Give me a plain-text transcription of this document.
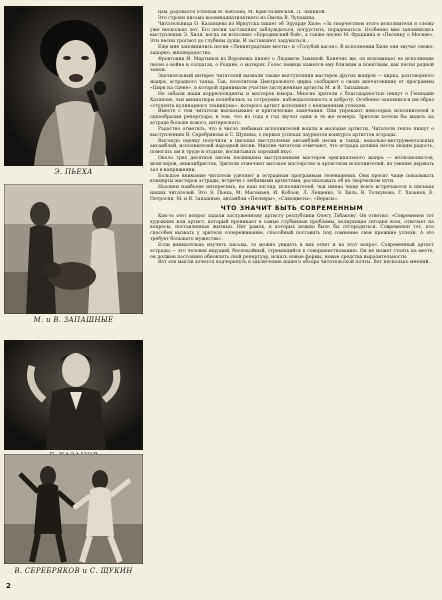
Э. ПЬЕХА
М. и В. ЗАПАШНЫЕ
В. СЕРЕБРЯКОВ и С. ЩУКИН

цам, радовался успехам И. Кобзона, М. Кристалинской, Л. Зыкиной.

Это строки письма восемнадцатилетнего из Омска В. Чупахина.

Читательница О. Казанцева из Иркутска пишет об Эдуарде Хиле: «За творчеством этого исполнителя я слежу уже несколько лет. Его песни заставляют заблуждаться, погрустить, порадоваться. Особенно мне запомнились выступления Э. Хиля, когда он исполнил «Бородинский бой», а также песню М. Фрадкина и «Песенку о Москве». Эти песни трогают до глубины души. И заставляют задуматься...

Еще мне запомнились песни «Ленинградские мосты» и «Голубой вагон». В исполнении Хиля они звучат свежо, задорно, жизнерадостно.

Фронтовик И. Мартынов из Воронежа пишет о Людмиле Зыкиной. Конечно же, он вспоминает ее исполнение песен о войне и солдатах, о Родине, о матерях. Голос певицы кажется ему близким и понятным, как песня родной земли.

Значительный интерес читателей вызвали также выступления мастеров других жанров — цирка, разговорного жанра, эстрадного танца. Так, посетители Центрального цирка сообщают о своих впечатлениях от программы «Цирк на сцене», в которой принимали участие заслуженные артисты М. и В. Запашные.

Не забыли наши корреспонденты и мастеров юмора. Многие зрители с благодарностью пишут о Геннадии Хазанове, чьи миниатюры полюбились за остроумие, наблюдательность и доброту. Особенно запомнился им образ «студента кулинарного техникума», которого артист исполняет с неизменным успехом.

Вместе с тем читатели высказывают и критические замечания. Они упрекают некоторых исполнителей в однообразии репертуара, в том, что из года в год звучат одни и те же номера. Зрители хотели бы видеть на эстраде больше нового, интересного.

Радостно отметить, что в число любимых исполнителей вошли и молодые артисты. Читатели тепло пишут о выступлениях В. Серебрякова и С. Щукина, о первых успехах лауреатов конкурса артистов эстрады.

Высокую оценку получили в письмах выступления ансамблей песни и танца, вокально-инструментальных ансамблей, исполнителей народной песни. Многие читатели отмечают, что эстрада должна нести людям радость, помогать им в труде и отдыхе, воспитывать хороший вкус.

Около трех десятков писем посвящены выступлениям мастеров оригинального жанра — иллюзионистов, жонглеров, эквилибристов. Зрители отмечают высокое мастерство и артистизм исполнителей, их умение держать зал в напряжении.

Большое внимание читатели уделяют и эстрадным программам телевидения. Они просят чаще показывать концерты мастеров эстрады, встречи с любимыми артистами, рассказывать об их творческом пути.

Назовем наиболее интересных, на наш взгляд, исполнителей, чьи имена чаще всего встречаются в письмах наших читателей. Это Э. Пьеха, М. Магомаев, И. Кобзон, Л. Лещенко, Э. Хиль, В. Толкунова, Г. Хазанов, Е. Петросян, М. и В. Запашные, ансамбли «Песняры», «Самоцветы», «Верасы».

ЧТО ЗНАЧИТ БЫТЬ СОВРЕМЕННЫМ

Как-то этот вопрос задали заслуженному артисту республики Олегу Табакову. Он ответил: «Современен тот художник или артист, который проникает в самые глубинные проблемы, волнующие сегодня всех, отвечает на вопросы, поставленные жизнью. Нет рамок, в которых можно было бы отгородиться. Современен тот, кто способен вызвать у зрителя сопереживание, способный поставить под сомнение свои прежние успехи. А это требует большого мужества».

Если внимательно изучить письма, то можно увидеть в них ответ и на этот вопрос. Современный артист эстрады — это человек ищущий, беспокойный, стремящийся к совершенствованию. Он не может стоять на месте, он должен постоянно обновлять свой репертуар, искать новые формы, новые средства выразительности.

Вот эти мысли хочется подчеркнуть в заключение нашего обзора читательской почты. Вот несколько мнений.

2
